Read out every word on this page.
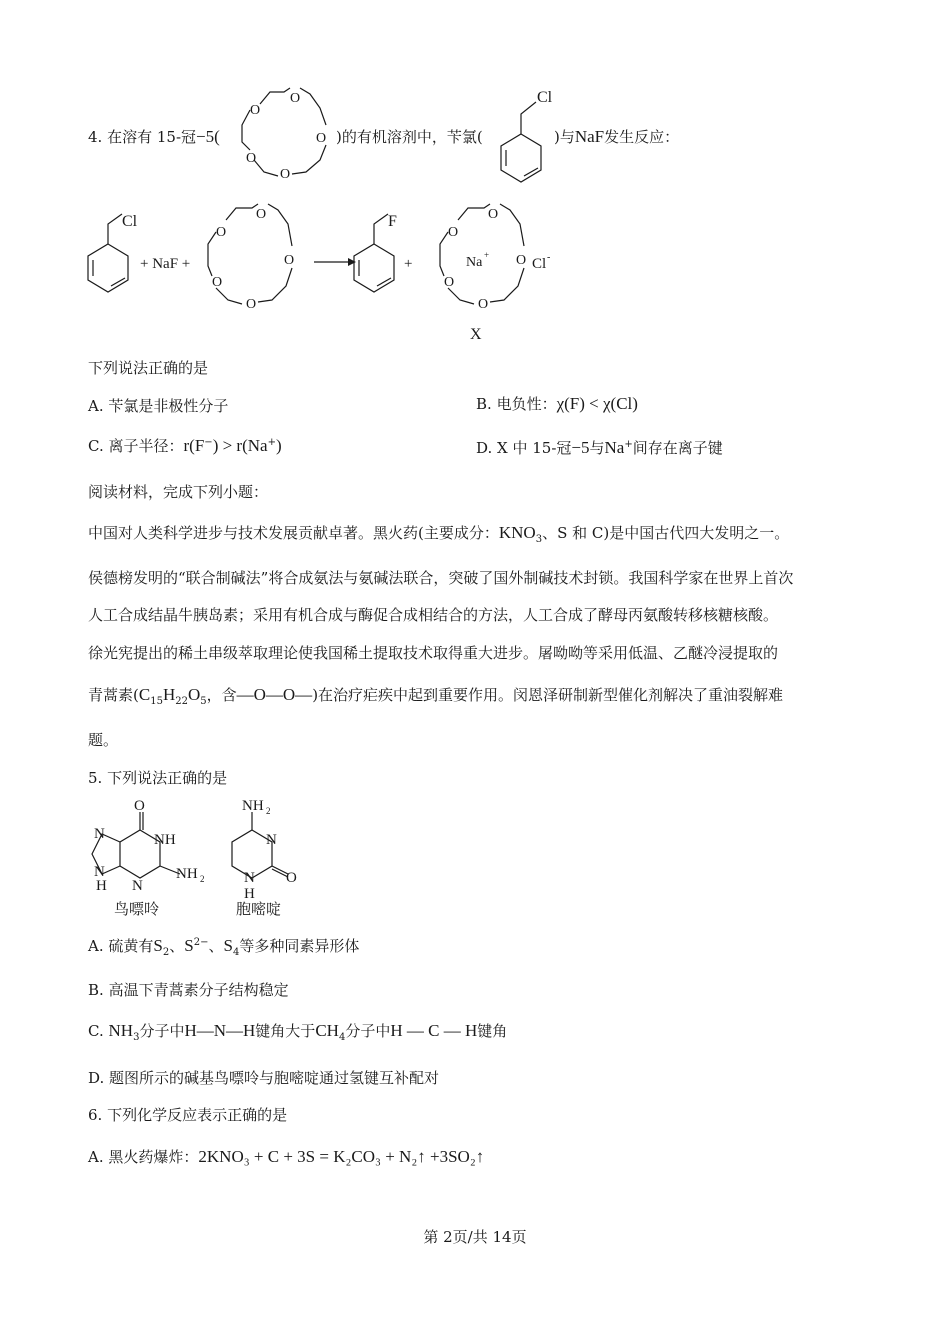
4. 在溶有 15-冠−5(	)的有机溶剂中，苄氯(	)与NaF发生反应：
O
O
O
O
O
Cl
Cl
+ NaF +
O
O
O
O
O
F
+
O
O
O
O
O
Na +
Cl -
X
下列说法正确的是
A. 苄氯是非极性分子	B. 电负性：χ(F) < χ(Cl)
C. 离子半径：r(F−) > r(Na+)	D. X 中 15-冠−5与Na+间存在离子键
阅读材料，完成下列小题：
中国对人类科学进步与技术发展贡献卓著。黑火药(主要成分：$KNO_3$、S 和 C)是中国古代四大发明之一。
侯德榜发明的“联合制碱法”将合成氨法与氨碱法联合，突破了国外制碱技术封锁。我国科学家在世界上首次
人工合成结晶牛胰岛素；采用有机合成与酶促合成相结合的方法，人工合成了酵母丙氨酸转移核糖核酸。
徐光宪提出的稀土串级萃取理论使我国稀土提取技术取得重大进步。屠呦呦等采用低温、乙醚冷浸提取的
青蒿素($C_{15}H_{22}O_5$，含—O—O—)在治疗疟疾中起到重要作用。闵恩泽研制新型催化剂解决了重油裂解难
题。
5. 下列说法正确的是
O
N	NH
N
N
H
NH 2
鸟嘌呤
NH 2
N
N
H
O
胞嘧啶
A. 硫黄有$S_2$、$S^{2-}$、$S_4$等多种同素异形体
B. 高温下青蒿素分子结构稳定
C. $NH_3$分子中H—N—H键角大于$CH_4$分子中H — C — H键角
D. 题图所示的碱基鸟嘌呤与胞嘧啶通过氢键互补配对
6. 下列化学反应表示正确的是
A. 黑火药爆炸：2KNO₃ + C + 3S = K₂CO₃ + N₂↑ +3SO₂↑
第 2页/共 14页
